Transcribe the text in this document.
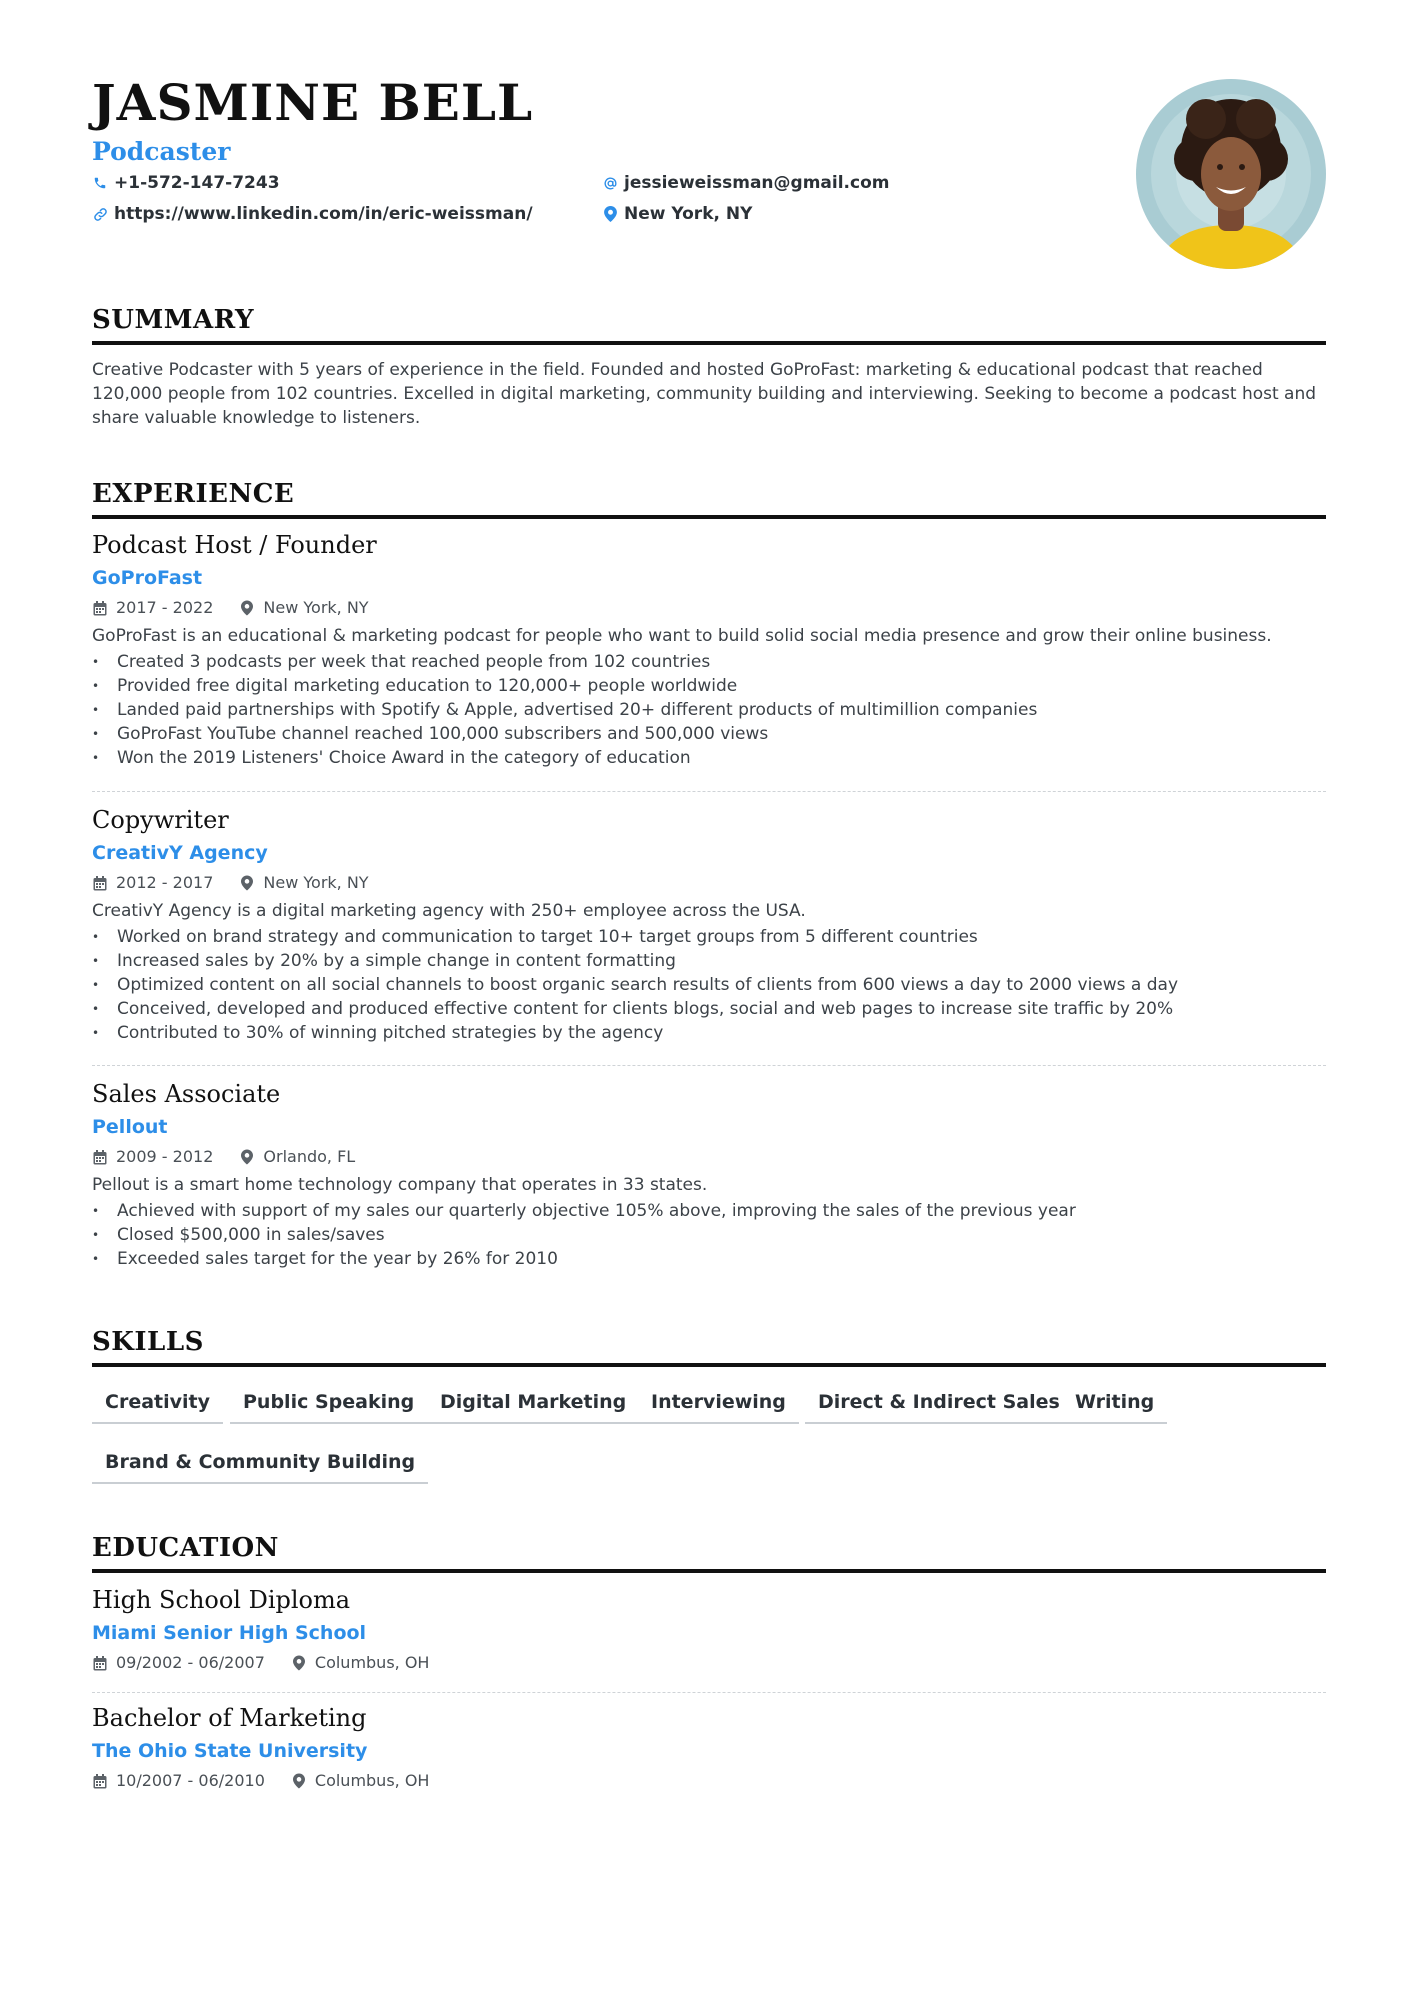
JASMINE BELL
Podcaster
+1-572-147-7243
https://www.linkedin.com/in/eric-weissman/
jessieweissman@gmail.com
New York, NY
SUMMARY
Creative Podcaster with 5 years of experience in the field. Founded and hosted GoProFast: marketing & educational podcast that reached 120,000 people from 102 countries. Excelled in digital marketing, community building and interviewing. Seeking to become a podcast host and share valuable knowledge to listeners.
EXPERIENCE
Podcast Host / Founder
GoProFast
2017 - 2022	New York, NY
GoProFast is an educational & marketing podcast for people who want to build solid social media presence and grow their online business.
• Created 3 podcasts per week that reached people from 102 countries
• Provided free digital marketing education to 120,000+ people worldwide
• Landed paid partnerships with Spotify & Apple, advertised 20+ different products of multimillion companies
• GoProFast YouTube channel reached 100,000 subscribers and 500,000 views
• Won the 2019 Listeners' Choice Award in the category of education
Copywriter
CreativY Agency
2012 - 2017	New York, NY
CreativY Agency is a digital marketing agency with 250+ employee across the USA.
• Worked on brand strategy and communication to target 10+ target groups from 5 different countries
• Increased sales by 20% by a simple change in content formatting
• Optimized content on all social channels to boost organic search results of clients from 600 views a day to 2000 views a day
• Conceived, developed and produced effective content for clients blogs, social and web pages to increase site traffic by 20%
• Contributed to 30% of winning pitched strategies by the agency
Sales Associate
Pellout
2009 - 2012	Orlando, FL
Pellout is a smart home technology company that operates in 33 states.
• Achieved with support of my sales our quarterly objective 105% above, improving the sales of the previous year
• Closed $500,000 in sales/saves
• Exceeded sales target for the year by 26% for 2010
SKILLS
Creativity	Public Speaking	Digital Marketing	Interviewing	Direct & Indirect Sales Writing
Brand & Community Building
EDUCATION
High School Diploma
Miami Senior High School
09/2002 - 06/2007	Columbus, OH
Bachelor of Marketing
The Ohio State University
10/2007 - 06/2010	Columbus, OH
